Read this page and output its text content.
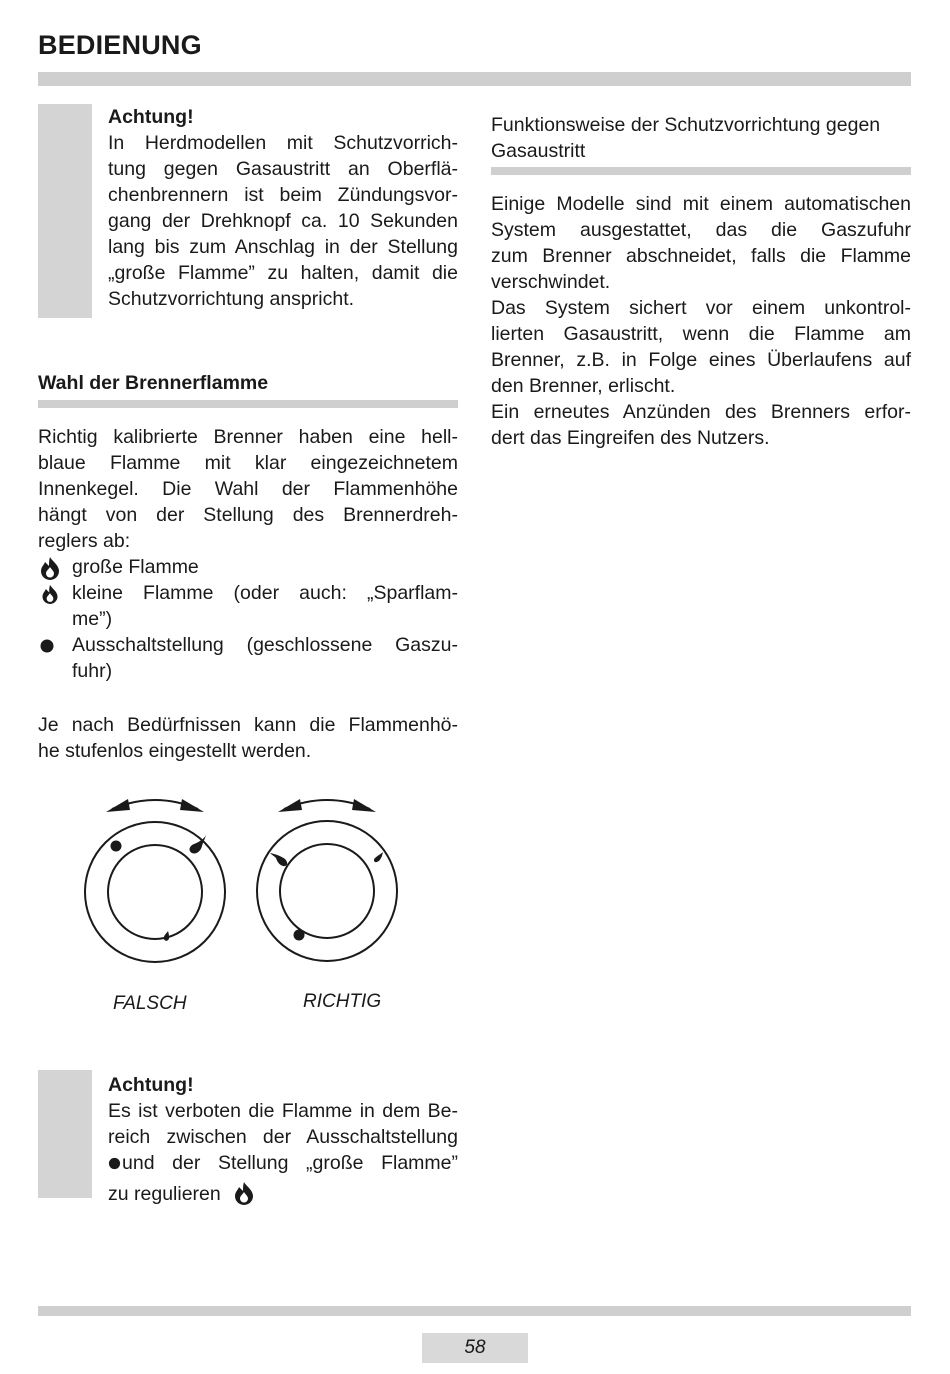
BEDIENUNG
Achtung!
In Herdmodellen mit Schutzvorrich-
tung gegen Gasaustritt an Oberflä-
chenbrennern ist beim Zündungsvor-
gang der Drehknopf ca. 10 Sekunden
lang bis zum Anschlag in der Stellung
„große Flamme” zu halten, damit die
Schutzvorrichtung anspricht.
Wahl der Brennerflamme
Richtig kalibrierte Brenner haben eine hell-
blaue Flamme mit klar eingezeichnetem
Innenkegel. Die Wahl der Flammenhöhe
hängt von der Stellung des Brennerdreh-
reglers ab:
große Flamme
kleine Flamme (oder auch: „Sparflam-
me”)
Ausschaltstellung (geschlossene Gaszu-
fuhr)
Je nach Bedürfnissen kann die Flammenhö-
he stufenlos eingestellt werden.
FALSCH	RICHTIG
Achtung!
Es ist verboten die Flamme in dem Be-
reich zwischen der Ausschaltstellung
und der Stellung „große Flamme”
zu regulieren
Funktionsweise der Schutzvorrichtung gegen
Gasaustritt
Einige Modelle sind mit einem automatischen
System ausgestattet, das die Gaszufuhr
zum Brenner abschneidet, falls die Flamme
verschwindet.
Das System sichert vor einem unkontrol-
lierten Gasaustritt, wenn die Flamme am
Brenner, z.B. in Folge eines Überlaufens auf
den Brenner, erlischt.
Ein erneutes Anzünden des Brenners erfor-
dert das Eingreifen des Nutzers.
58
